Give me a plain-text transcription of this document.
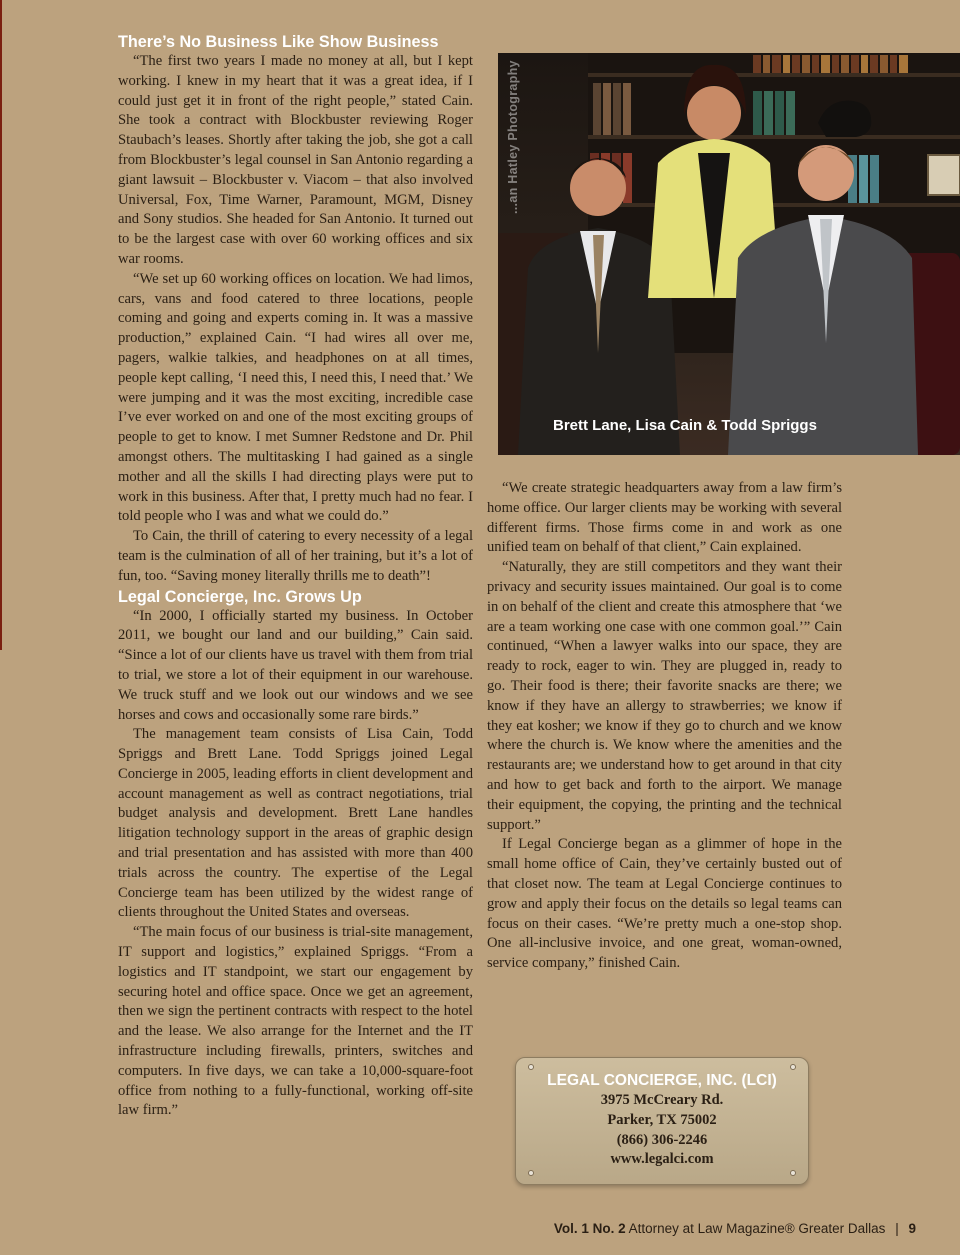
There’s No Business Like Show Business

“The first two years I made no money at all, but I kept working. I knew in my heart that it was a great idea, if I could just get it in front of the right people,” stated Cain. She took a contract with Blockbuster reviewing Roger Staubach’s leases. Shortly after taking the job, she got a call from Blockbuster’s legal counsel in San Antonio regarding a giant lawsuit – Blockbuster v. Viacom – that also involved Universal, Fox, Time Warner, Paramount, MGM, Disney and Sony studios. She headed for San Antonio. It turned out to be the largest case with over 60 working offices and six war rooms.

“We set up 60 working offices on location. We had limos, cars, vans and food catered to three locations, people coming and going and experts coming in. It was a massive production,” explained Cain. “I had wires all over me, pagers, walkie talkies, and headphones on at all times, people kept calling, ‘I need this, I need this, I need that.’ We were jumping and it was the most exciting, incredible case I’ve ever worked on and one of the most exciting groups of people to get to know. I met Sumner Redstone and Dr. Phil amongst others. The multitasking I had gained as a single mother and all the skills I had directing plays were put to work in this business. After that, I pretty much had no fear. I told people who I was and what we could do.”

To Cain, the thrill of catering to every necessity of a legal team is the culmination of all of her training, but it’s a lot of fun, too. “Saving money literally thrills me to death”!

Legal Concierge, Inc. Grows Up

“In 2000, I officially started my business. In October 2011, we bought our land and our building,” Cain said. “Since a lot of our clients have us travel with them from trial to trial, we store a lot of their equipment in our warehouse. We truck stuff and we look out our windows and we see horses and cows and occasionally some rare birds.”

The management team consists of Lisa Cain, Todd Spriggs and Brett Lane. Todd Spriggs joined Legal Concierge in 2005, leading efforts in client development and account management as well as contract negotiations, trial budget analysis and development. Brett Lane handles litigation technology support in the areas of graphic design and trial presentation and has assisted with more than 400 trials across the country. The expertise of the Legal Concierge team has been utilized by the widest range of clients throughout the United States and overseas.

“The main focus of our business is trial-site management, IT support and logistics,” explained Spriggs. “From a logistics and IT standpoint, we start our engagement by securing hotel and office space. Once we get an agreement, then we sign the pertinent contracts with respect to the hotel and the lease. We also arrange for the Internet and the IT infrastructure including firewalls, printers, switches and computers. In five days, we can take a 10,000-square-foot office from nothing to a fully-functional, working off-site law firm.”

...an Hatley Photography
Brett Lane, Lisa Cain & Todd Spriggs

“We create strategic headquarters away from a law firm’s home office. Our larger clients may be working with several different firms. Those firms come in and work as one unified team on behalf of that client,” Cain explained.

“Naturally, they are still competitors and they want their privacy and security issues maintained. Our goal is to come in on behalf of the client and create this atmosphere that ‘we are a team working one case with one common goal.’” Cain continued, “When a lawyer walks into our space, they are ready to rock, eager to win. They are plugged in, ready to go. Their food is there; their favorite snacks are there; we know if they have an allergy to strawberries; we know if they eat kosher; we know if they go to church and we know where the church is. We know where the amenities and the restaurants are; we understand how to get around in that city and how to get back and forth to the airport. We manage their equipment, the copying, the printing and the technical support.”

If Legal Concierge began as a glimmer of hope in the small home office of Cain, they’ve certainly busted out of that closet now. The team at Legal Concierge continues to grow and apply their focus on the details so legal teams can focus on their cases. “We’re pretty much a one-stop shop. One all-inclusive invoice, and one great, woman-owned, service company,” finished Cain.

LEGAL CONCIERGE, INC. (LCI)
3975 McCreary Rd.
Parker, TX 75002
(866) 306-2246
www.legalci.com
Vol. 1 No. 2 Attorney at Law Magazine® Greater Dallas | 9
